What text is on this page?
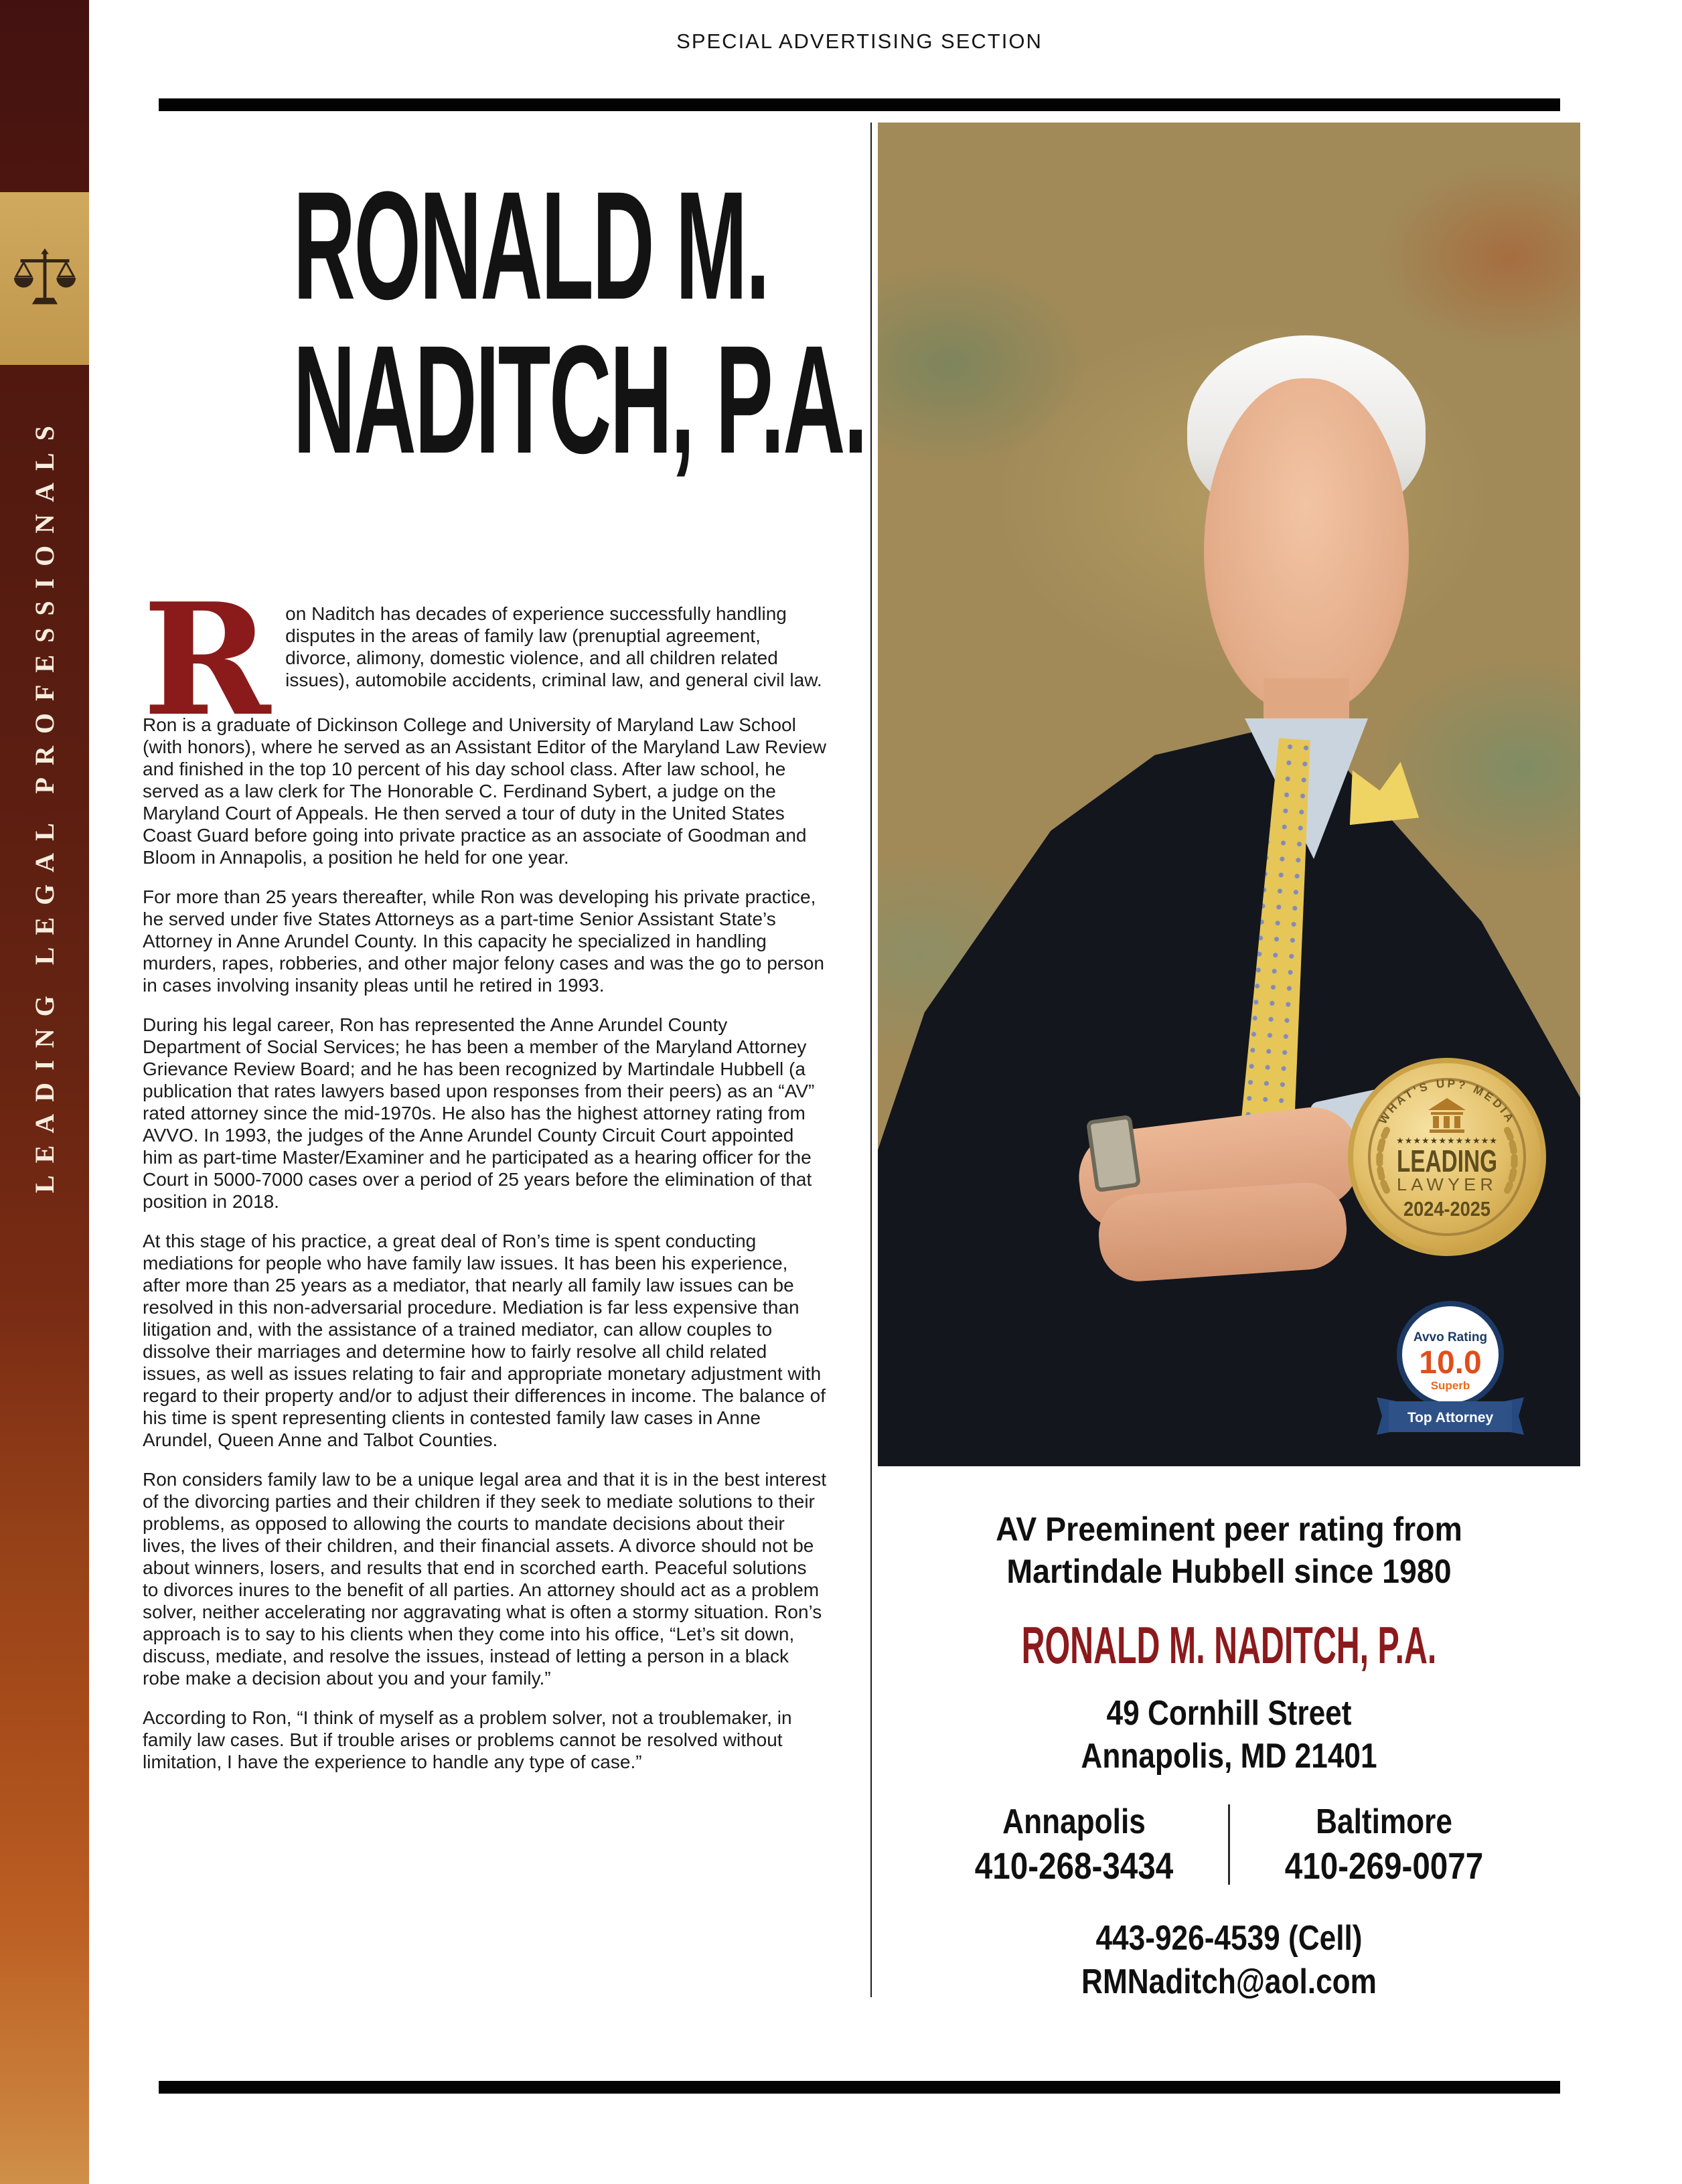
LEADING LEGAL PROFESSIONALS
SPECIAL ADVERTISING SECTION
RONALD M.
NADITCH, P.A.

Ron Naditch has decades of experience successfully handling disputes in the areas of family law (prenuptial agreement, divorce, alimony, domestic violence, and all children related issues), automobile accidents, criminal law, and general civil law.

Ron is a graduate of Dickinson College and University of Maryland Law School (with honors), where he served as an Assistant Editor of the Maryland Law Review and finished in the top 10 percent of his day school class. After law school, he served as a law clerk for The Honorable C. Ferdinand Sybert, a judge on the Maryland Court of Appeals. He then served a tour of duty in the United States Coast Guard before going into private practice as an associate of Goodman and Bloom in Annapolis, a position he held for one year.

For more than 25 years thereafter, while Ron was developing his private practice, he served under five States Attorneys as a part-time Senior Assistant State’s Attorney in Anne Arundel County. In this capacity he specialized in handling murders, rapes, robberies, and other major felony cases and was the go to person in cases involving insanity pleas until he retired in 1993.

During his legal career, Ron has represented the Anne Arundel County Department of Social Services; he has been a member of the Maryland Attorney Grievance Review Board; and he has been recognized by Martindale Hubbell (a publication that rates lawyers based upon responses from their peers) as an “AV” rated attorney since the mid-1970s. He also has the highest attorney rating from AVVO. In 1993, the judges of the Anne Arundel County Circuit Court appointed him as part-time Master/Examiner and he participated as a hearing officer for the Court in 5000-7000 cases over a period of 25 years before the elimination of that position in 2018.

At this stage of his practice, a great deal of Ron’s time is spent conducting mediations for people who have family law issues. It has been his experience, after more than 25 years as a mediator, that nearly all family law issues can be resolved in this non-adversarial procedure. Mediation is far less expensive than litigation and, with the assistance of a trained mediator, can allow couples to dissolve their marriages and determine how to fairly resolve all child related issues, as well as issues relating to fair and appropriate monetary adjustment with regard to their property and/or to adjust their differences in income. The balance of his time is spent representing clients in contested family law cases in Anne Arundel, Queen Anne and Talbot Counties.

Ron considers family law to be a unique legal area and that it is in the best interest of the divorcing parties and their children if they seek to mediate solutions to their problems, as opposed to allowing the courts to mandate decisions about their lives, the lives of their children, and their financial assets. A divorce should not be about winners, losers, and results that end in scorched earth. Peaceful solutions to divorces inures to the benefit of all parties. An attorney should act as a problem solver, neither accelerating nor aggravating what is often a stormy situation. Ron’s approach is to say to his clients when they come into his office, “Let’s sit down, discuss, mediate, and resolve the issues, instead of letting a person in a black robe make a decision about you and your family.”

According to Ron, “I think of myself as a problem solver, not a troublemaker, in family law cases. But if trouble arises or problems cannot be resolved without limitation, I have the experience to handle any type of case.”

WHAT'S UP? MEDIA
★★★★★★★★★★★★
LEADING
LAWYER
2024-2025
Avvo Rating
10.0
Superb
Top Attorney
AV Preeminent peer rating from
Martindale Hubbell since 1980
RONALD M. NADITCH, P.A.
49 Cornhill Street
Annapolis, MD 21401
Annapolis
410-268-3434
Baltimore
410-269-0077
443-926-4539 (Cell)
RMNaditch@aol.com
